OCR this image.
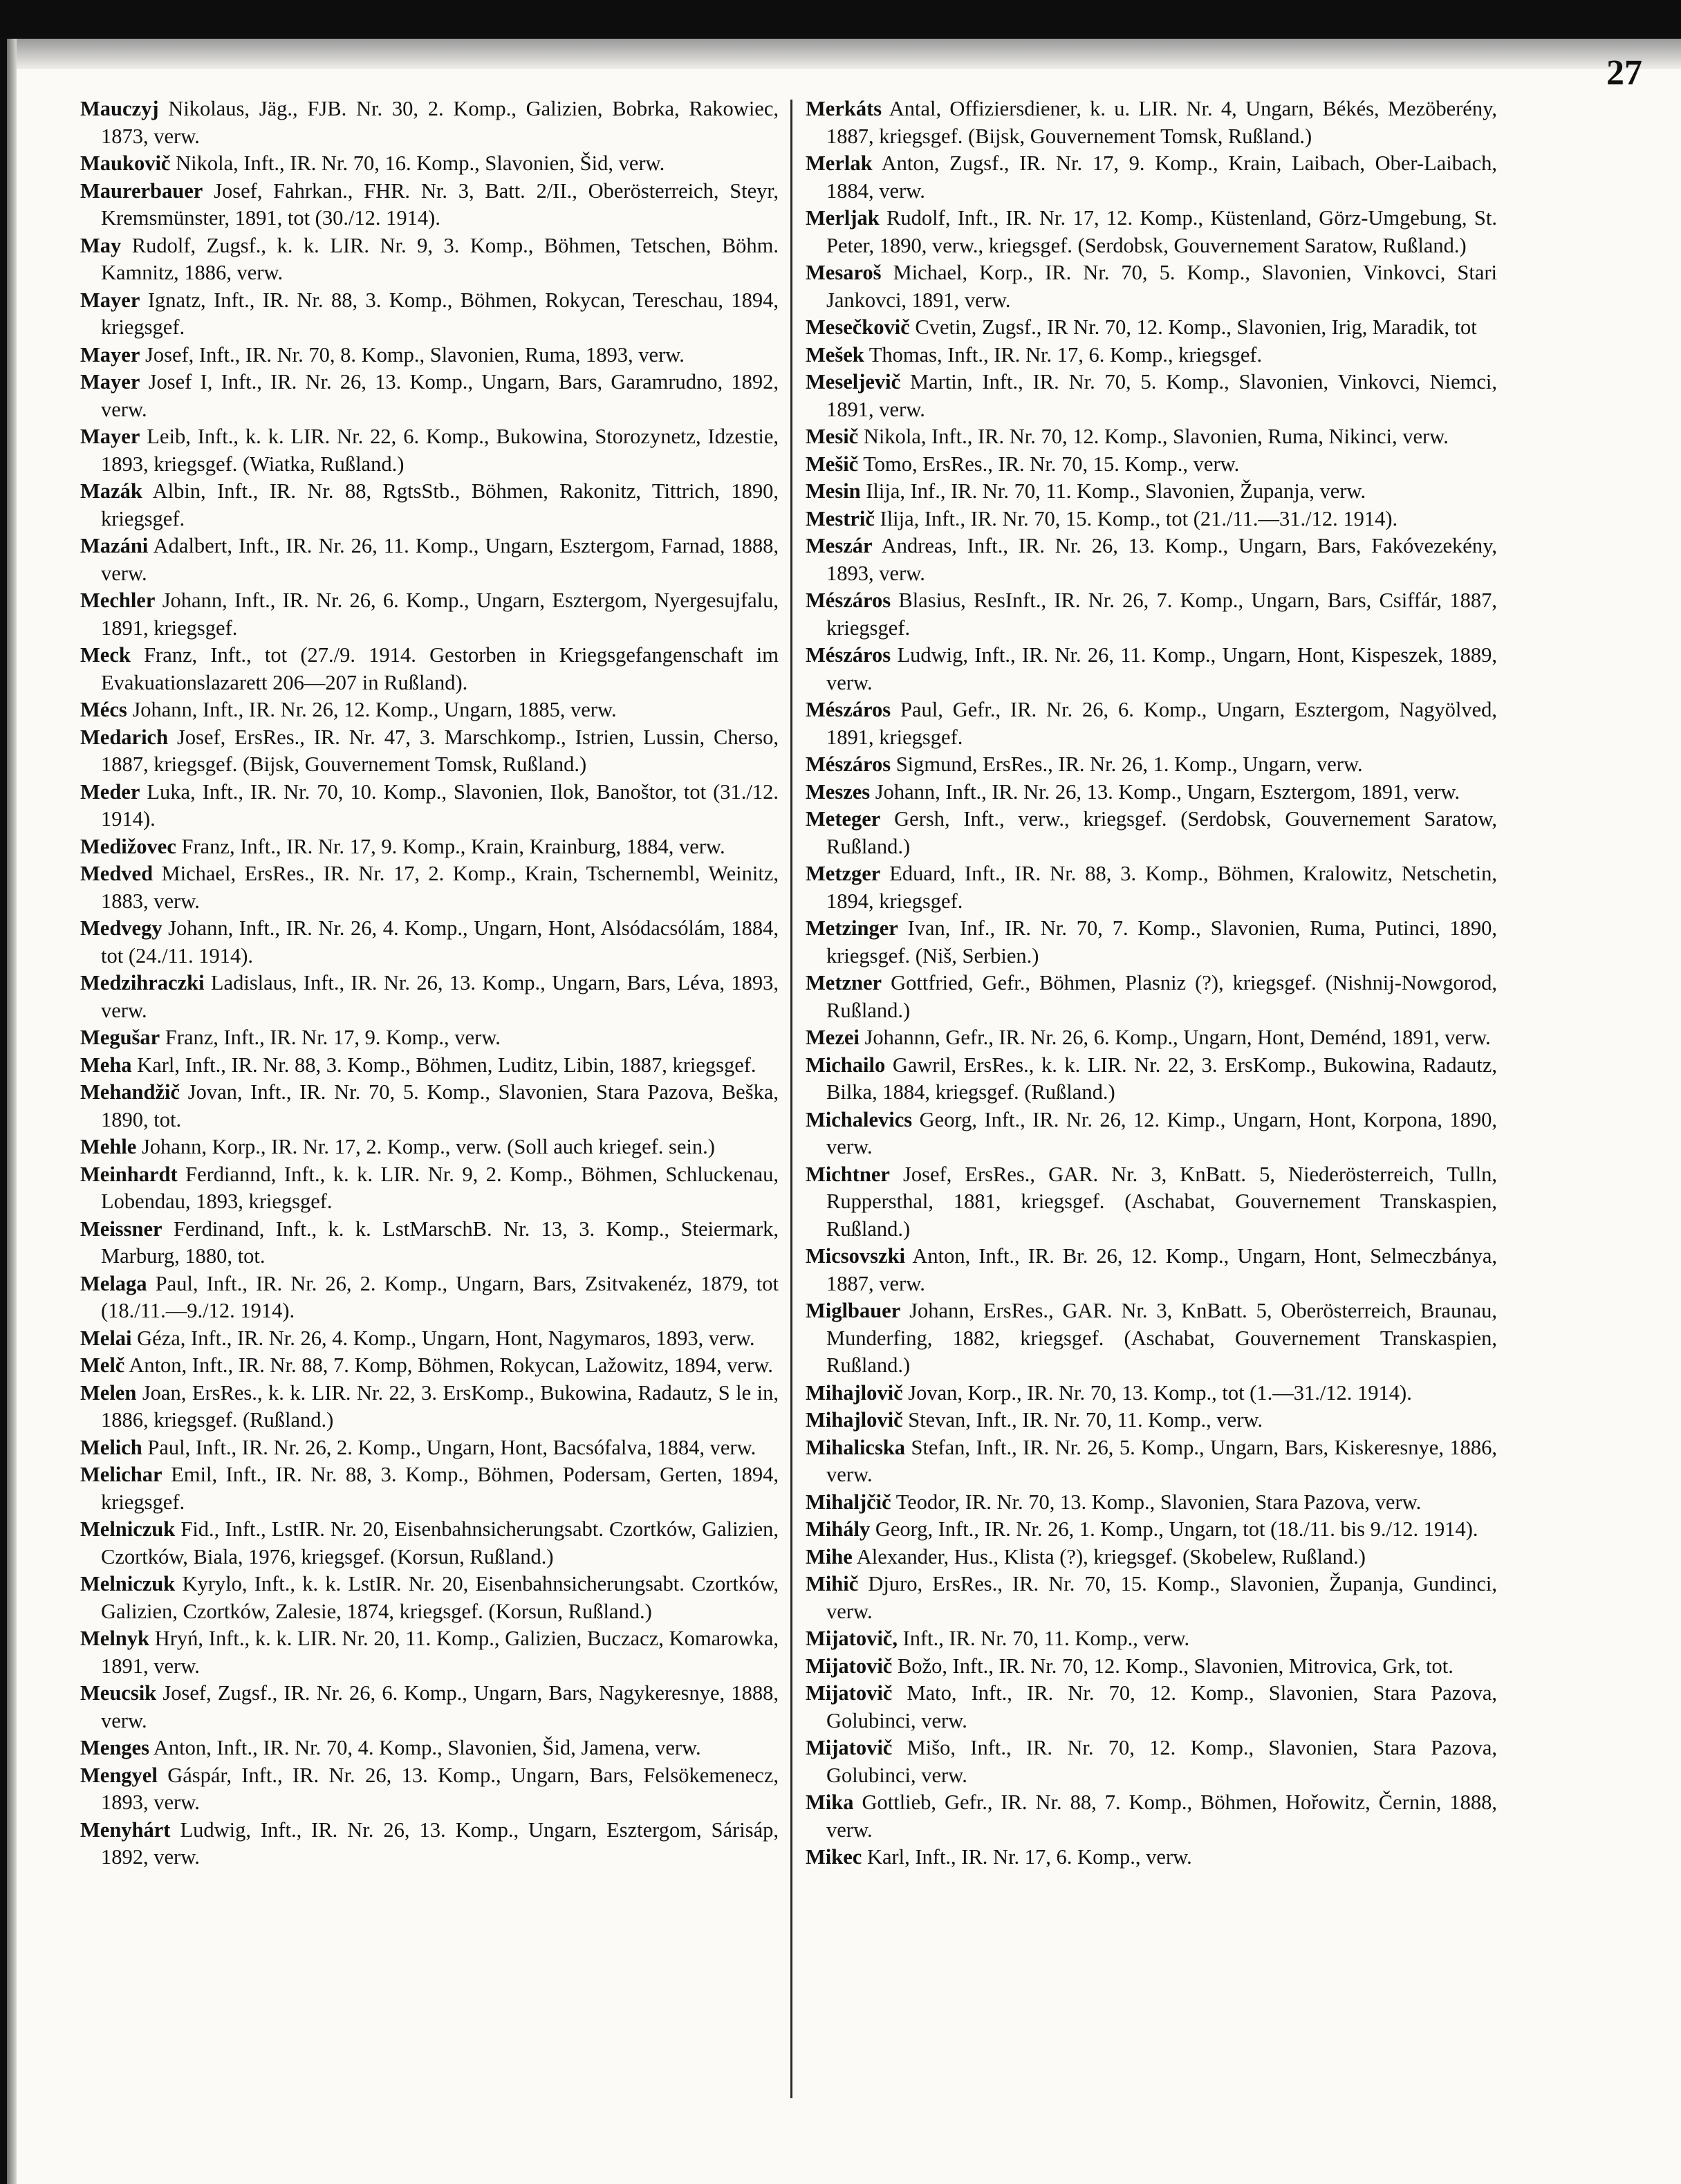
27

Mauczyj Nikolaus, Jäg., FJB. Nr. 30, 2. Komp., Galizien, Bobrka, Rakowiec, 1873, verw.

Maukovič Nikola, Inft., IR. Nr. 70, 16. Komp., Slavonien, Šid, verw.

Maurerbauer Josef, Fahrkan., FHR. Nr. 3, Batt. 2/II., Oberösterreich, Steyr, Kremsmünster, 1891, tot (30./12. 1914).

May Rudolf, Zugsf., k. k. LIR. Nr. 9, 3. Komp., Böhmen, Tetschen, Böhm. Kamnitz, 1886, verw.

Mayer Ignatz, Inft., IR. Nr. 88, 3. Komp., Böhmen, Rokycan, Tereschau, 1894, kriegsgef.

Mayer Josef, Inft., IR. Nr. 70, 8. Komp., Slavonien, Ruma, 1893, verw.

Mayer Josef I, Inft., IR. Nr. 26, 13. Komp., Ungarn, Bars, Garamrudno, 1892, verw.

Mayer Leib, Inft., k. k. LIR. Nr. 22, 6. Komp., Bukowina, Storozynetz, Idzestie, 1893, kriegsgef. (Wiatka, Rußland.)

Mazák Albin, Inft., IR. Nr. 88, RgtsStb., Böhmen, Rakonitz, Tittrich, 1890, kriegsgef.

Mazáni Adalbert, Inft., IR. Nr. 26, 11. Komp., Ungarn, Esztergom, Farnad, 1888, verw.

Mechler Johann, Inft., IR. Nr. 26, 6. Komp., Ungarn, Esztergom, Nyergesujfalu, 1891, kriegsgef.

Meck Franz, Inft., tot (27./9. 1914. Gestorben in Kriegsgefangenschaft im Evakuationslazarett 206—207 in Rußland).

Mécs Johann, Inft., IR. Nr. 26, 12. Komp., Ungarn, 1885, verw.

Medarich Josef, ErsRes., IR. Nr. 47, 3. Marschkomp., Istrien, Lussin, Cherso, 1887, kriegsgef. (Bijsk, Gouvernement Tomsk, Rußland.)

Meder Luka, Inft., IR. Nr. 70, 10. Komp., Slavonien, Ilok, Banoštor, tot (31./12. 1914).

Medižovec Franz, Inft., IR. Nr. 17, 9. Komp., Krain, Krainburg, 1884, verw.

Medved Michael, ErsRes., IR. Nr. 17, 2. Komp., Krain, Tschernembl, Weinitz, 1883, verw.

Medvegy Johann, Inft., IR. Nr. 26, 4. Komp., Ungarn, Hont, Alsódacsólám, 1884, tot (24./11. 1914).

Medzihraczki Ladislaus, Inft., IR. Nr. 26, 13. Komp., Ungarn, Bars, Léva, 1893, verw.

Megušar Franz, Inft., IR. Nr. 17, 9. Komp., verw.

Meha Karl, Inft., IR. Nr. 88, 3. Komp., Böhmen, Luditz, Libin, 1887, kriegsgef.

Mehandžič Jovan, Inft., IR. Nr. 70, 5. Komp., Slavonien, Stara Pazova, Beška, 1890, tot.

Mehle Johann, Korp., IR. Nr. 17, 2. Komp., verw. (Soll auch kriegef. sein.)

Meinhardt Ferdiannd, Inft., k. k. LIR. Nr. 9, 2. Komp., Böhmen, Schluckenau, Lobendau, 1893, kriegsgef.

Meissner Ferdinand, Inft., k. k. LstMarschB. Nr. 13, 3. Komp., Steiermark, Marburg, 1880, tot.

Melaga Paul, Inft., IR. Nr. 26, 2. Komp., Ungarn, Bars, Zsitvakenéz, 1879, tot (18./11.—9./12. 1914).

Melai Géza, Inft., IR. Nr. 26, 4. Komp., Ungarn, Hont, Nagymaros, 1893, verw.

Melč Anton, Inft., IR. Nr. 88, 7. Komp, Böhmen, Rokycan, Lažowitz, 1894, verw.

Melen Joan, ErsRes., k. k. LIR. Nr. 22, 3. ErsKomp., Bukowina, Radautz, S le in, 1886, kriegsgef. (Rußland.)

Melich Paul, Inft., IR. Nr. 26, 2. Komp., Ungarn, Hont, Bacsófalva, 1884, verw.

Melichar Emil, Inft., IR. Nr. 88, 3. Komp., Böhmen, Podersam, Gerten, 1894, kriegsgef.

Melniczuk Fid., Inft., LstIR. Nr. 20, Eisenbahnsicherungsabt. Czortków, Galizien, Czortków, Biala, 1976, kriegsgef. (Korsun, Rußland.)

Melniczuk Kyrylo, Inft., k. k. LstIR. Nr. 20, Eisenbahnsicherungsabt. Czortków, Galizien, Czortków, Zalesie, 1874, kriegsgef. (Korsun, Rußland.)

Melnyk Hryń, Inft., k. k. LIR. Nr. 20, 11. Komp., Galizien, Buczacz, Komarowka, 1891, verw.

Meucsik Josef, Zugsf., IR. Nr. 26, 6. Komp., Ungarn, Bars, Nagykeresnye, 1888, verw.

Menges Anton, Inft., IR. Nr. 70, 4. Komp., Slavonien, Šid, Jamena, verw.

Mengyel Gáspár, Inft., IR. Nr. 26, 13. Komp., Ungarn, Bars, Felsökemenecz, 1893, verw.

Menyhárt Ludwig, Inft., IR. Nr. 26, 13. Komp., Ungarn, Esztergom, Sárisáp, 1892, verw.

Merkáts Antal, Offiziersdiener, k. u. LIR. Nr. 4, Ungarn, Békés, Mezöberény, 1887, kriegsgef. (Bijsk, Gouvernement Tomsk, Rußland.)

Merlak Anton, Zugsf., IR. Nr. 17, 9. Komp., Krain, Laibach, Ober-Laibach, 1884, verw.

Merljak Rudolf, Inft., IR. Nr. 17, 12. Komp., Küstenland, Görz-Umgebung, St. Peter, 1890, verw., kriegsgef. (Serdobsk, Gouvernement Saratow, Rußland.)

Mesaroš Michael, Korp., IR. Nr. 70, 5. Komp., Slavonien, Vinkovci, Stari Jankovci, 1891, verw.

Mesečkovič Cvetin, Zugsf., IR Nr. 70, 12. Komp., Slavonien, Irig, Maradik, tot

Mešek Thomas, Inft., IR. Nr. 17, 6. Komp., kriegsgef.

Meseljevič Martin, Inft., IR. Nr. 70, 5. Komp., Slavonien, Vinkovci, Niemci, 1891, verw.

Mesič Nikola, Inft., IR. Nr. 70, 12. Komp., Slavonien, Ruma, Nikinci, verw.

Mešič Tomo, ErsRes., IR. Nr. 70, 15. Komp., verw.

Mesin Ilija, Inf., IR. Nr. 70, 11. Komp., Slavonien, Županja, verw.

Mestrič Ilija, Inft., IR. Nr. 70, 15. Komp., tot (21./11.—31./12. 1914).

Meszár Andreas, Inft., IR. Nr. 26, 13. Komp., Ungarn, Bars, Fakóvezekény, 1893, verw.

Mészáros Blasius, ResInft., IR. Nr. 26, 7. Komp., Ungarn, Bars, Csiffár, 1887, kriegsgef.

Mészáros Ludwig, Inft., IR. Nr. 26, 11. Komp., Ungarn, Hont, Kispeszek, 1889, verw.

Mészáros Paul, Gefr., IR. Nr. 26, 6. Komp., Ungarn, Esztergom, Nagyölved, 1891, kriegsgef.

Mészáros Sigmund, ErsRes., IR. Nr. 26, 1. Komp., Ungarn, verw.

Meszes Johann, Inft., IR. Nr. 26, 13. Komp., Ungarn, Esztergom, 1891, verw.

Meteger Gersh, Inft., verw., kriegsgef. (Serdobsk, Gouvernement Saratow, Rußland.)

Metzger Eduard, Inft., IR. Nr. 88, 3. Komp., Böhmen, Kralowitz, Netschetin, 1894, kriegsgef.

Metzinger Ivan, Inf., IR. Nr. 70, 7. Komp., Slavonien, Ruma, Putinci, 1890, kriegsgef. (Niš, Serbien.)

Metzner Gottfried, Gefr., Böhmen, Plasniz (?), kriegsgef. (Nishnij-Nowgorod, Rußland.)

Mezei Johannn, Gefr., IR. Nr. 26, 6. Komp., Ungarn, Hont, Deménd, 1891, verw.

Michailo Gawril, ErsRes., k. k. LIR. Nr. 22, 3. ErsKomp., Bukowina, Radautz, Bilka, 1884, kriegsgef. (Rußland.)

Michalevics Georg, Inft., IR. Nr. 26, 12. Kimp., Ungarn, Hont, Korpona, 1890, verw.

Michtner Josef, ErsRes., GAR. Nr. 3, KnBatt. 5, Niederösterreich, Tulln, Ruppersthal, 1881, kriegsgef. (Aschabat, Gouvernement Transkaspien, Rußland.)

Micsovszki Anton, Inft., IR. Br. 26, 12. Komp., Ungarn, Hont, Selmeczbánya, 1887, verw.

Miglbauer Johann, ErsRes., GAR. Nr. 3, KnBatt. 5, Oberösterreich, Braunau, Munderfing, 1882, kriegsgef. (Aschabat, Gouvernement Transkaspien, Rußland.)

Mihajlovič Jovan, Korp., IR. Nr. 70, 13. Komp., tot (1.—31./12. 1914).

Mihajlovič Stevan, Inft., IR. Nr. 70, 11. Komp., verw.

Mihalicska Stefan, Inft., IR. Nr. 26, 5. Komp., Ungarn, Bars, Kiskeresnye, 1886, verw.

Mihaljčič Teodor, IR. Nr. 70, 13. Komp., Slavonien, Stara Pazova, verw.

Mihály Georg, Inft., IR. Nr. 26, 1. Komp., Ungarn, tot (18./11. bis 9./12. 1914).

Mihe Alexander, Hus., Klista (?), kriegsgef. (Skobelew, Rußland.)

Mihič Djuro, ErsRes., IR. Nr. 70, 15. Komp., Slavonien, Županja, Gundinci, verw.

Mijatovič, Inft., IR. Nr. 70, 11. Komp., verw.

Mijatovič Božo, Inft., IR. Nr. 70, 12. Komp., Slavonien, Mitrovica, Grk, tot.

Mijatovič Mato, Inft., IR. Nr. 70, 12. Komp., Slavonien, Stara Pazova, Golubinci, verw.

Mijatovič Mišo, Inft., IR. Nr. 70, 12. Komp., Slavonien, Stara Pazova, Golubinci, verw.

Mika Gottlieb, Gefr., IR. Nr. 88, 7. Komp., Böhmen, Hořowitz, Černin, 1888, verw.

Mikec Karl, Inft., IR. Nr. 17, 6. Komp., verw.
